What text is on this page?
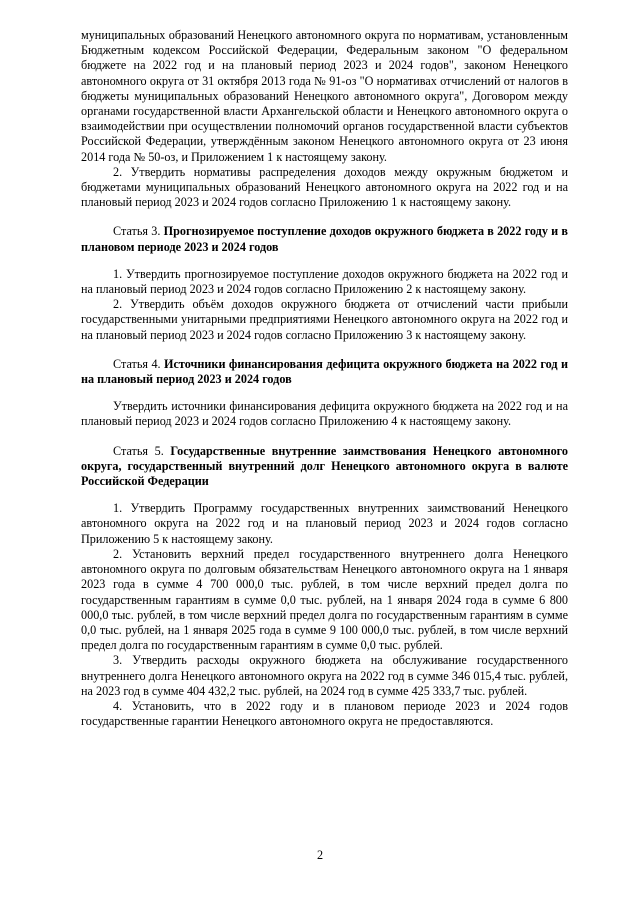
муниципальных образований Ненецкого автономного округа по нормативам, установленным Бюджетным кодексом Российской Федерации, Федеральным законом "О федеральном бюджете на 2022 год и на плановый период 2023 и 2024 годов", законом Ненецкого автономного округа от 31 октября 2013 года № 91-оз "О нормативах отчислений от налогов в бюджеты муниципальных образований Ненецкого автономного округа", Договором между органами государственной власти Архангельской области и Ненецкого автономного округа о взаимодействии при осуществлении полномочий органов государственной власти субъектов Российской Федерации, утверждённым законом Ненецкого автономного округа от 23 июня 2014 года № 50-оз, и Приложением 1 к настоящему закону.

2. Утвердить нормативы распределения доходов между окружным бюджетом и бюджетами муниципальных образований Ненецкого автономного округа на 2022 год и на плановый период 2023 и 2024 годов согласно Приложению 1 к настоящему закону.

Статья 3. Прогнозируемое поступление доходов окружного бюджета в 2022 году и в плановом периоде 2023 и 2024 годов

1. Утвердить прогнозируемое поступление доходов окружного бюджета на 2022 год и на плановый период 2023 и 2024 годов согласно Приложению 2 к настоящему закону.

2. Утвердить объём доходов окружного бюджета от отчислений части прибыли государственными унитарными предприятиями Ненецкого автономного округа на 2022 год и на плановый период 2023 и 2024 годов согласно Приложению 3 к настоящему закону.

Статья 4. Источники финансирования дефицита окружного бюджета на 2022 год и на плановый период 2023 и 2024 годов

Утвердить источники финансирования дефицита окружного бюджета на 2022 год и на плановый период 2023 и 2024 годов согласно Приложению 4 к настоящему закону.

Статья 5. Государственные внутренние заимствования Ненецкого автономного округа, государственный внутренний долг Ненецкого автономного округа в валюте Российской Федерации

1. Утвердить Программу государственных внутренних заимствований Ненецкого автономного округа на 2022 год и на плановый период 2023 и 2024 годов согласно Приложению 5 к настоящему закону.

2. Установить верхний предел государственного внутреннего долга Ненецкого автономного округа по долговым обязательствам Ненецкого автономного округа на 1 января 2023 года в сумме 4 700 000,0 тыс. рублей, в том числе верхний предел долга по государственным гарантиям в сумме 0,0 тыс. рублей, на 1 января 2024 года в сумме 6 800 000,0 тыс. рублей, в том числе верхний предел долга по государственным гарантиям в сумме 0,0 тыс. рублей, на 1 января 2025 года в сумме 9 100 000,0 тыс. рублей, в том числе верхний предел долга по государственным гарантиям в сумме 0,0 тыс. рублей.

3. Утвердить расходы окружного бюджета на обслуживание государственного внутреннего долга Ненецкого автономного округа на 2022 год в сумме 346 015,4 тыс. рублей, на 2023 год в сумме 404 432,2 тыс. рублей, на 2024 год в сумме 425 333,7 тыс. рублей.

4. Установить, что в 2022 году и в плановом периоде 2023 и 2024 годов государственные гарантии Ненецкого автономного округа не предоставляются.

2
